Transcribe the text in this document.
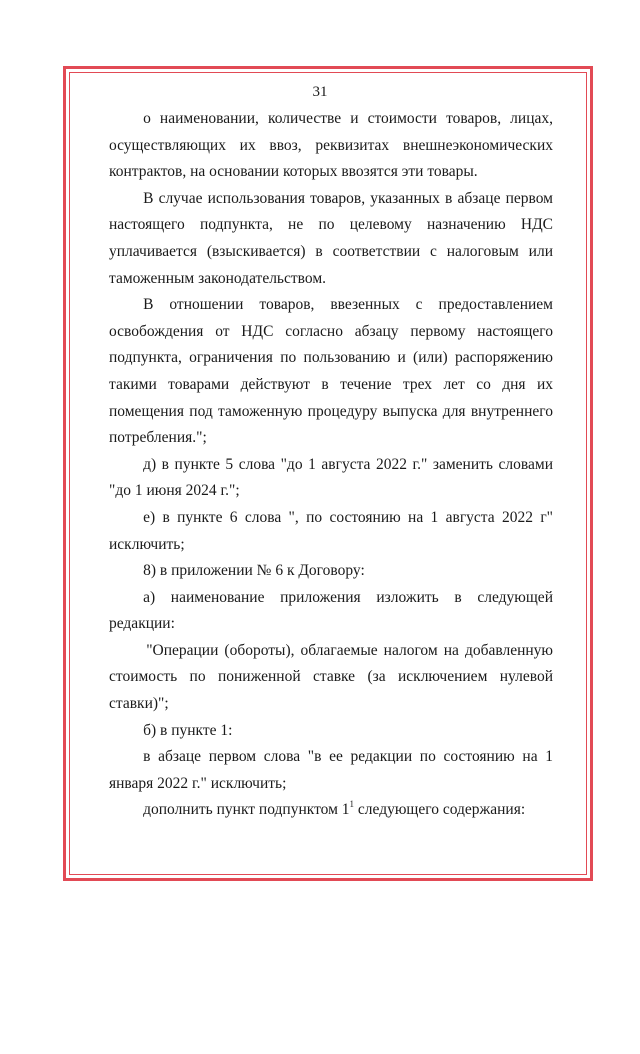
31

о наименовании, количестве и стоимости товаров, лицах, осуществляющих их ввоз, реквизитах внешнеэкономических контрактов, на основании которых ввозятся эти товары.

В случае использования товаров, указанных в абзаце первом настоящего подпункта, не по целевому назначению НДС уплачивается (взыскивается) в соответствии с налоговым или таможенным законодательством.

В отношении товаров, ввезенных с предоставлением освобождения от НДС согласно абзацу первому настоящего подпункта, ограничения по пользованию и (или) распоряжению такими товарами действуют в течение трех лет со дня их помещения под таможенную процедуру выпуска для внутреннего потребления.";

д) в пункте 5 слова "до 1 августа 2022 г." заменить словами "до 1 июня 2024 г.";

е) в пункте 6 слова ", по состоянию на 1 августа 2022 г" исключить;

8) в приложении № 6 к Договору:

а) наименование приложения изложить в следующей редакции:

"Операции (обороты), облагаемые налогом на добавленную стоимость по пониженной ставке (за исключением нулевой ставки)";

б) в пункте 1:

в абзаце первом слова "в ее редакции по состоянию на 1 января 2022 г." исключить;

дополнить пункт подпунктом $1^1$ следующего содержания:
